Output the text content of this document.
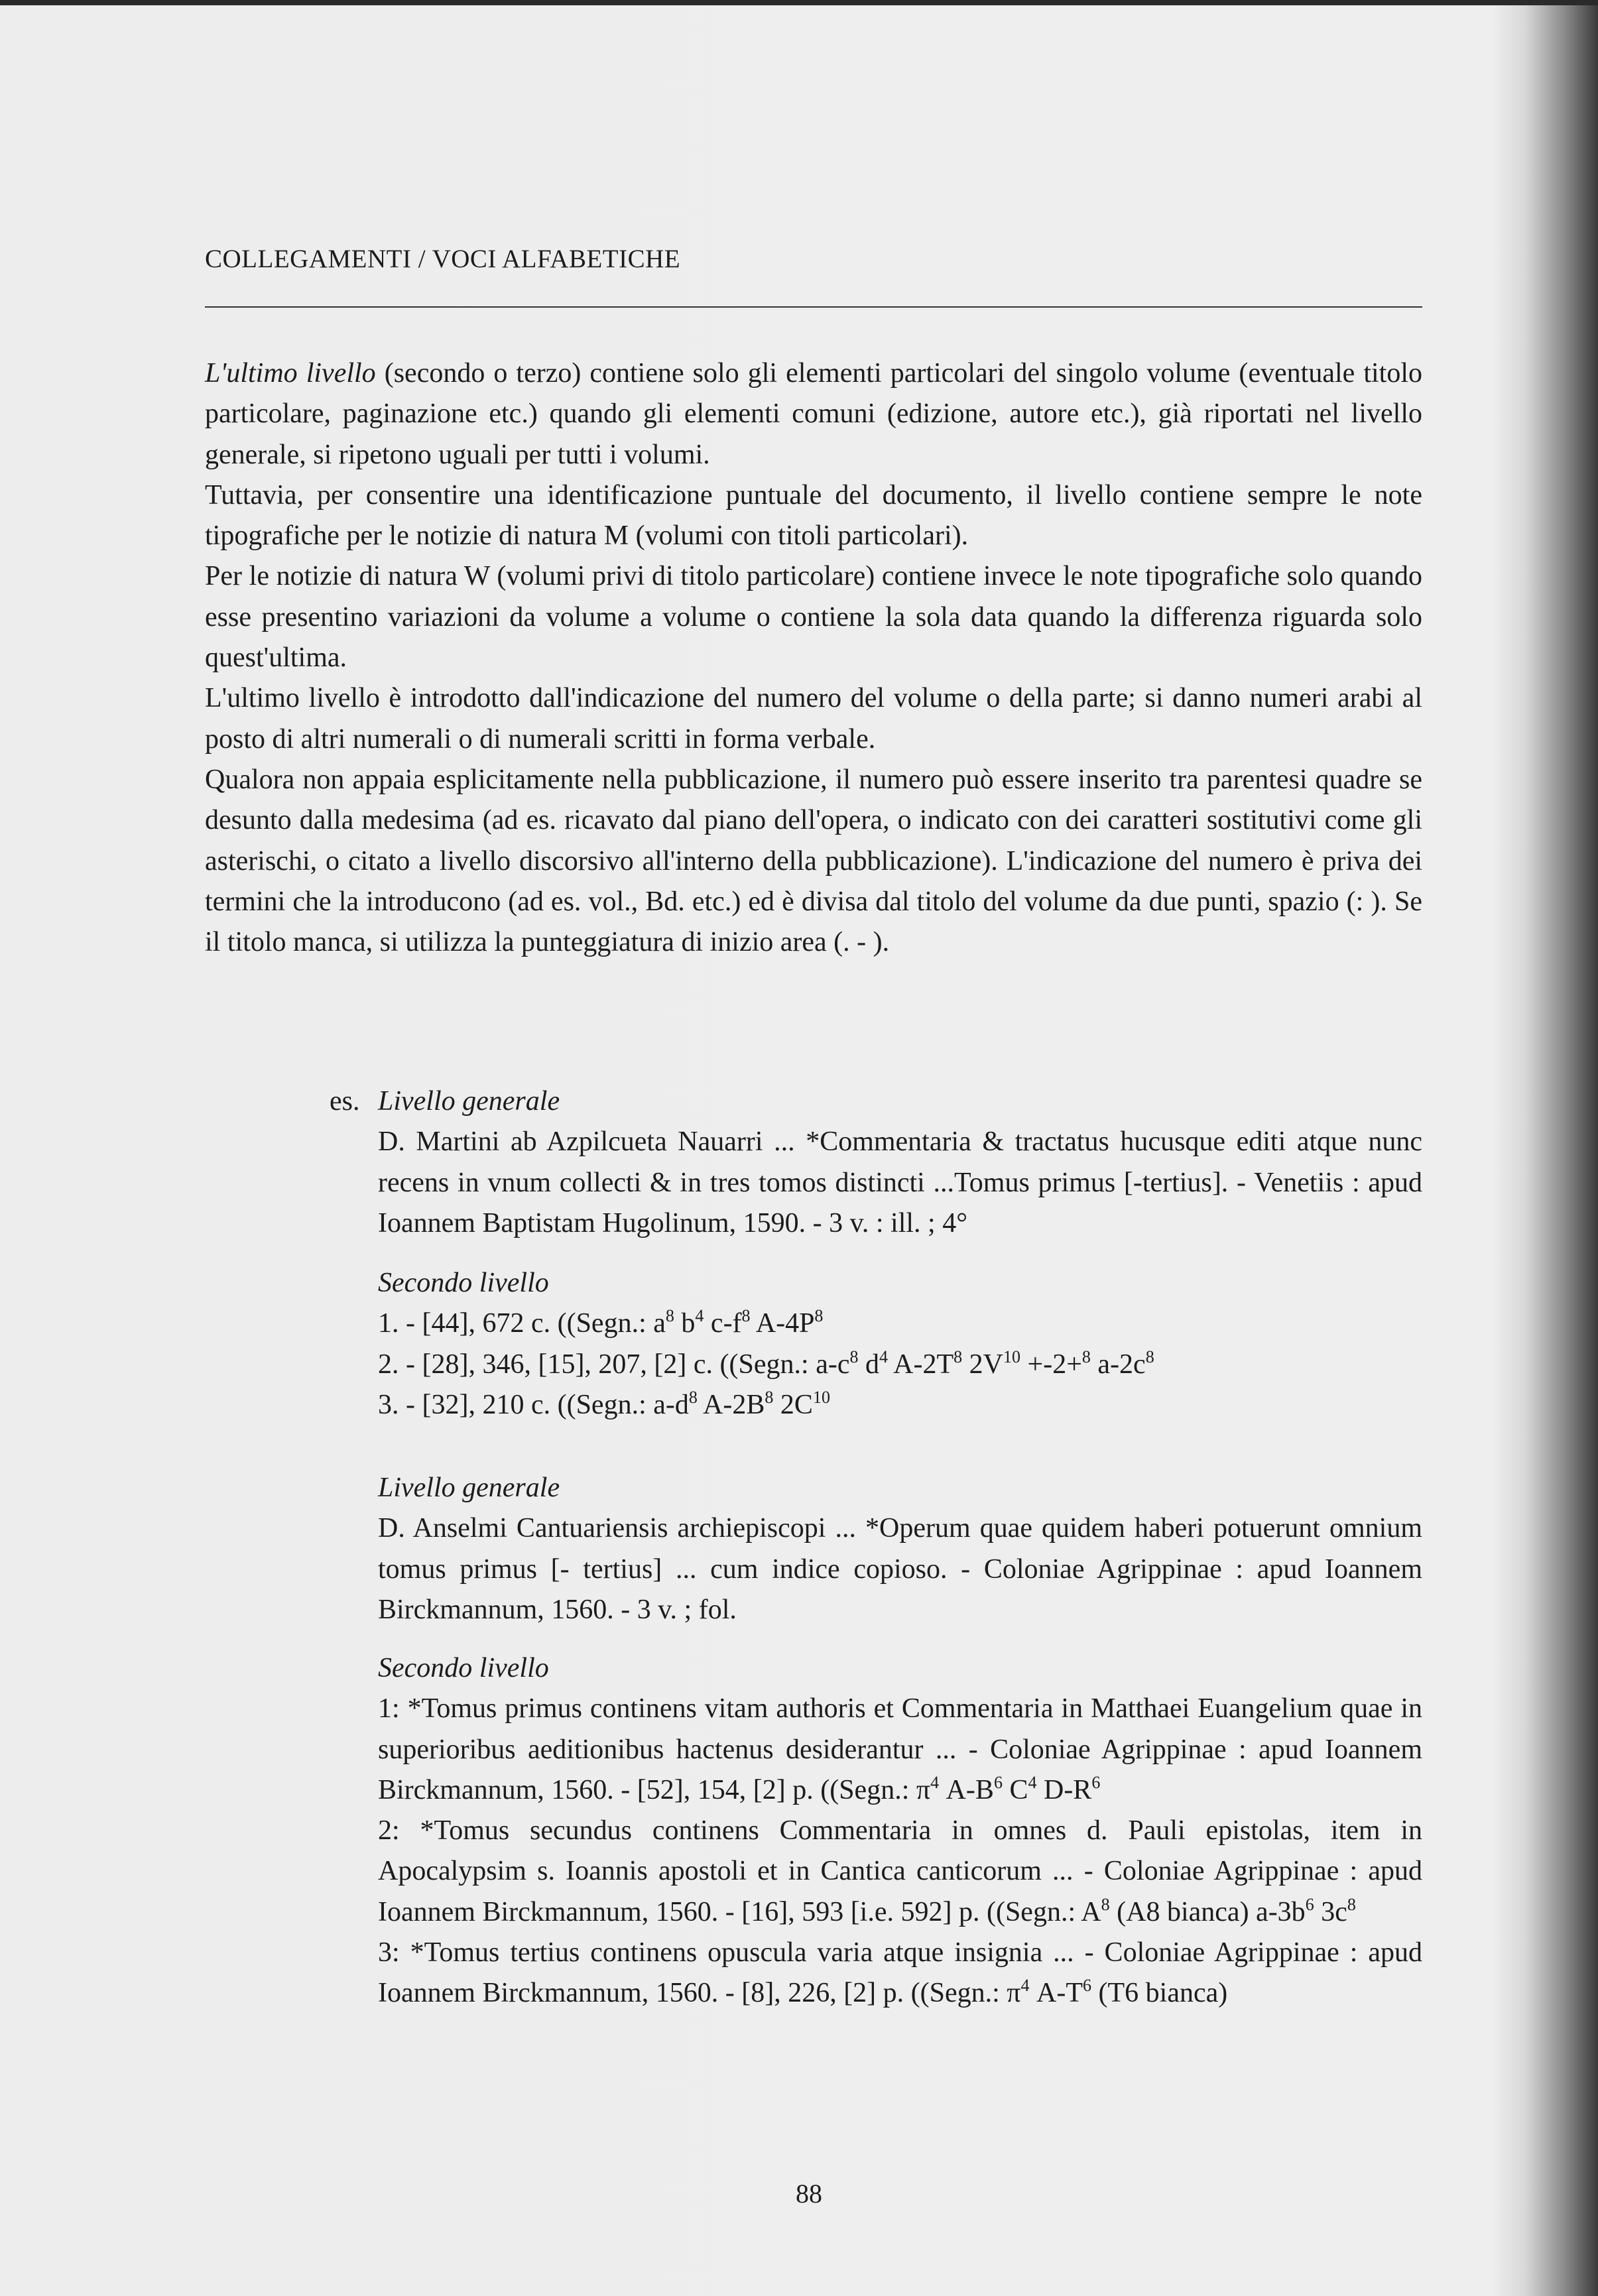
COLLEGAMENTI / VOCI ALFABETICHE

L'ultimo livello (secondo o terzo) contiene solo gli elementi particolari del singolo volume (eventuale titolo particolare, paginazione etc.) quando gli elementi comuni (edizione, autore etc.), già riportati nel livello generale, si ripetono uguali per tutti i volumi.

Tuttavia, per consentire una identificazione puntuale del documento, il livello contiene sempre le note tipografiche per le notizie di natura M (volumi con titoli particolari).

Per le notizie di natura W (volumi privi di titolo particolare) contiene invece le note tipografiche solo quando esse presentino variazioni da volume a volume o contiene la sola data quando la differenza riguarda solo quest'ultima.

L'ultimo livello è introdotto dall'indicazione del numero del volume o della parte; si danno numeri arabi al posto di altri numerali o di numerali scritti in forma verbale.

Qualora non appaia esplicitamente nella pubblicazione, il numero può essere inserito tra parentesi quadre se desunto dalla medesima (ad es. ricavato dal piano dell'opera, o indicato con dei caratteri sostitutivi come gli asterischi, o citato a livello discorsivo all'interno della pubblicazione). L'indicazione del numero è priva dei termini che la introducono (ad es. vol., Bd. etc.) ed è divisa dal titolo del volume da due punti, spazio (: ). Se il titolo manca, si utilizza la punteggiatura di inizio area (. - ).

es. Livello generale

D. Martini ab Azpilcueta Nauarri ... *Commentaria & tractatus hucusque editi atque nunc recens in vnum collecti & in tres tomos distincti ...Tomus primus [-tertius]. - Venetiis : apud Ioannem Baptistam Hugolinum, 1590. - 3 v. : ill. ; 4°

Secondo livello

1. - [44], 672 c. ((Segn.: $a^8$ $b^4$ $c-f^8$ $A-4P^8$

2. - [28], 346, [15], 207, [2] c. ((Segn.: $a-c^8$ $d^4$ $A-2T^8$ $2V^{10} +-2+^8$ $a-2c^8$

3. - [32], 210 c. ((Segn.: $a-d^8$ $A-2B^8$ $2C^{10}$

Livello generale

D. Anselmi Cantuariensis archiepiscopi ... *Operum quae quidem haberi potuerunt omnium tomus primus [- tertius] ... cum indice copioso. - Coloniae Agrippinae : apud Ioannem Birckmannum, 1560. - 3 v. ; fol.

Secondo livello

1: *Tomus primus continens vitam authoris et Commentaria in Matthaei Euangelium quae in superioribus aeditionibus hactenus desiderantur ... - Coloniae Agrippinae : apud Ioannem Birckmannum, 1560. - [52], 154, [2] p. ((Segn.: $\pi^4$ $A-B^6$ $C^4$ $D-R^6$

2: *Tomus secundus continens Commentaria in omnes d. Pauli epistolas, item in Apocalypsim s. Ioannis apostoli et in Cantica canticorum ... - Coloniae Agrippinae : apud Ioannem Birckmannum, 1560. - [16], 593 [i.e. 592] p. ((Segn.: $A^8$ (A8 bianca) $a-3b^6$ $3c^8$

3: *Tomus tertius continens opuscula varia atque insignia ... - Coloniae Agrippinae : apud Ioannem Birckmannum, 1560. - [8], 226, [2] p. ((Segn.: $\pi^4$ $A-T^6$ (T6 bianca)

88
